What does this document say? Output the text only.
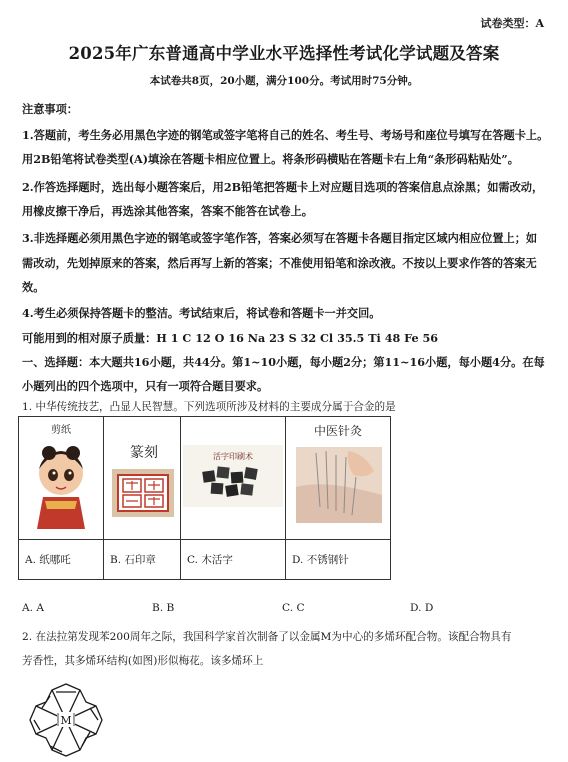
试卷类型：A
2025年广东普通高中学业水平选择性考试化学试题及答案
本试卷共8页，20小题，满分100分。考试用时75分钟。
注意事项：
1.答题前，考生务必用黑色字迹的钢笔或签字笔将自己的姓名、考生号、考场号和座位号填写在答题卡上。
用2B铅笔将试卷类型(A)填涂在答题卡相应位置上。将条形码横贴在答题卡右上角“条形码粘贴处”。
2.作答选择题时，选出每小题答案后，用2B铅笔把答题卡上对应题目选项的答案信息点涂黑；如需改动，
用橡皮擦干净后，再选涂其他答案，答案不能答在试卷上。
3.非选择题必须用黑色字迹的钢笔或签字笔作答，答案必须写在答题卡各题目指定区域内相应位置上；如
需改动，先划掉原来的答案，然后再写上新的答案；不准使用铅笔和涂改液。不按以上要求作答的答案无
效。
4.考生必须保持答题卡的整洁。考试结束后，将试卷和答题卡一并交回。
可能用到的相对原子质量：H 1 C 12 O 16 Na 23 S 32 Cl 35.5 Ti 48 Fe 56
一、选择题：本大题共16小题，共44分。第1~10小题，每小题2分；第11~16小题，每小题4分。在每
小题列出的四个选项中，只有一项符合题目要求。
1. 中华传统技艺，凸显人民智慧。下列选项所涉及材料的主要成分属于合金的是
剪纸	篆刻	活字印刷术	中医针灸

A. 纸哪吒	B. 石印章	C. 木活字	D. 不锈钢针
A. A	B. B	C. C	D. D
2. 在法拉第发现苯200周年之际，我国科学家首次制备了以金属M为中心的多烯环配合物。该配合物具有
芳香性，其多烯环结构(如图)形似梅花。该多烯环上
M
